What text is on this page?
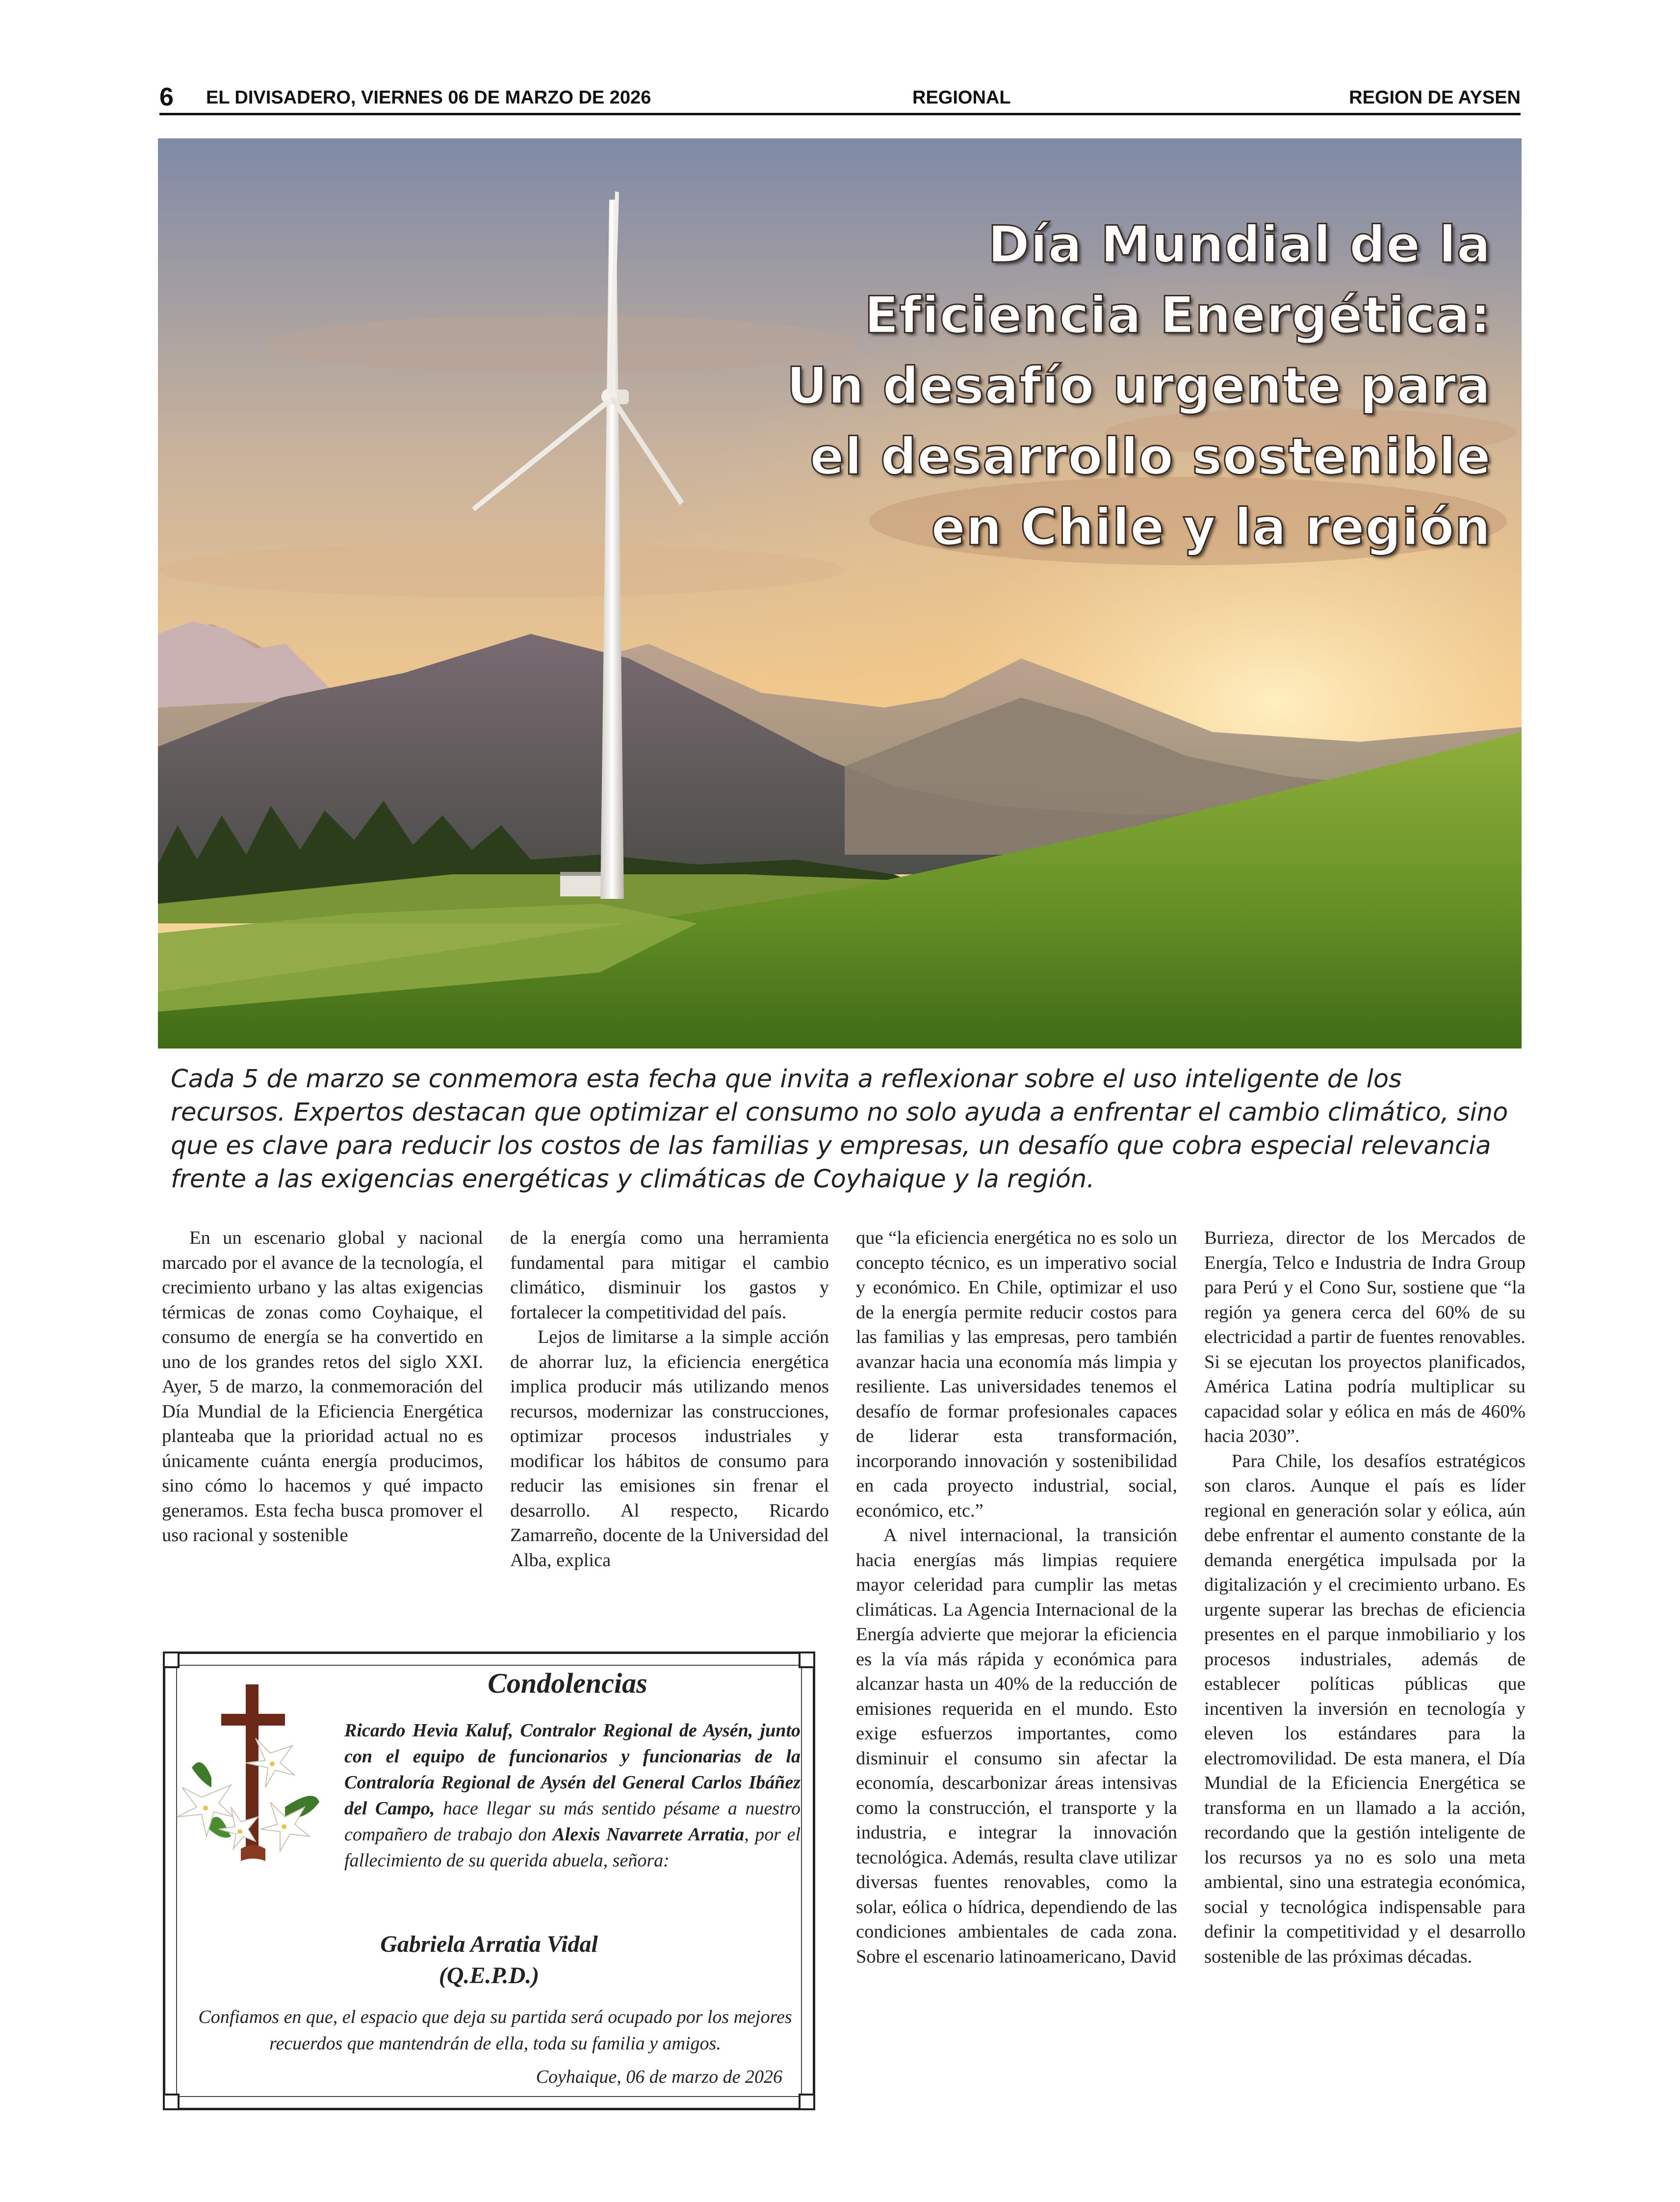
6 EL DIVISADERO, VIERNES 06 DE MARZO DE 2026	REGIONAL	REGION DE AYSEN
Día Mundial de la
Eficiencia Energética:
Un desafío urgente para
el desarrollo sostenible
en Chile y la región

Cada 5 de marzo se conmemora esta fecha que invita a reflexionar sobre el uso inteligente de los recursos. Expertos destacan que optimizar el consumo no solo ayuda a enfrentar el cambio climático, sino que es clave para reducir los costos de las familias y empresas, un desafío que cobra especial relevancia frente a las exigencias energéticas y climáticas de Coyhaique y la región.

En un escenario global y nacional marcado por el avance de la tecnología, el crecimiento urbano y las altas exigencias térmicas de zonas como Coyhaique, el consumo de energía se ha convertido en uno de los grandes retos del siglo XXI. Ayer, 5 de marzo, la conmemoración del Día Mundial de la Eficiencia Energética planteaba que la prioridad actual no es únicamente cuánta energía producimos, sino cómo lo hacemos y qué impacto generamos. Esta fecha busca promover el uso racional y sostenible

de la energía como una herramienta fundamental para mitigar el cambio climático, disminuir los gastos y fortalecer la competitividad del país.

Lejos de limitarse a la simple acción de ahorrar luz, la eficiencia energética implica producir más utilizando menos recursos, modernizar las construcciones, optimizar procesos industriales y modificar los hábitos de consumo para reducir las emisiones sin frenar el desarrollo. Al respecto, Ricardo Zamarreño, docente de la Universidad del Alba, explica

que “la eficiencia energética no es solo un concepto técnico, es un imperativo social y económico. En Chile, optimizar el uso de la energía permite reducir costos para las familias y las empresas, pero también avanzar hacia una economía más limpia y resiliente. Las universidades tenemos el desafío de formar profesionales capaces de liderar esta transformación, incorporando innovación y sostenibilidad en cada proyecto industrial, social, económico, etc.”

A nivel internacional, la transición hacia energías más limpias requiere mayor celeridad para cumplir las metas climáticas. La Agencia Internacional de la Energía advierte que mejorar la eficiencia es la vía más rápida y económica para alcanzar hasta un 40% de la reducción de emisiones requerida en el mundo. Esto exige esfuerzos importantes, como disminuir el consumo sin afectar la economía, descarbonizar áreas intensivas como la construcción, el transporte y la industria, e integrar la innovación tecnológica. Además, resulta clave utilizar diversas fuentes renovables, como la solar, eólica o hídrica, dependiendo de las condiciones ambientales de cada zona. Sobre el escenario latinoamericano, David

Burrieza, director de los Mercados de Energía, Telco e Industria de Indra Group para Perú y el Cono Sur, sostiene que “la región ya genera cerca del 60% de su electricidad a partir de fuentes renovables. Si se ejecutan los proyectos planificados, América Latina podría multiplicar su capacidad solar y eólica en más de 460% hacia 2030”.

Para Chile, los desafíos estratégicos son claros. Aunque el país es líder regional en generación solar y eólica, aún debe enfrentar el aumento constante de la demanda energética impulsada por la digitalización y el crecimiento urbano. Es urgente superar las brechas de eficiencia presentes en el parque inmobiliario y los procesos industriales, además de establecer políticas públicas que incentiven la inversión en tecnología y eleven los estándares para la electromovilidad. De esta manera, el Día Mundial de la Eficiencia Energética se transforma en un llamado a la acción, recordando que la gestión inteligente de los recursos ya no es solo una meta ambiental, sino una estrategia económica, social y tecnológica indispensable para definir la competitividad y el desarrollo sostenible de las próximas décadas.

Condolencias
Ricardo Hevia Kaluf, Contralor Regional de Aysén, junto con el equipo de funcionarios y funcionarias de la Contraloría Regional de Aysén del General Carlos Ibáñez del Campo, hace llegar su más sentido pésame a nuestro compañero de trabajo don Alexis Navarrete Arratia, por el fallecimiento de su querida abuela, señora:
Gabriela Arratia Vidal
(Q.E.P.D.)
Confiamos en que, el espacio que deja su partida será ocupado por los mejores recuerdos que mantendrán de ella, toda su familia y amigos.
Coyhaique, 06 de marzo de 2026
